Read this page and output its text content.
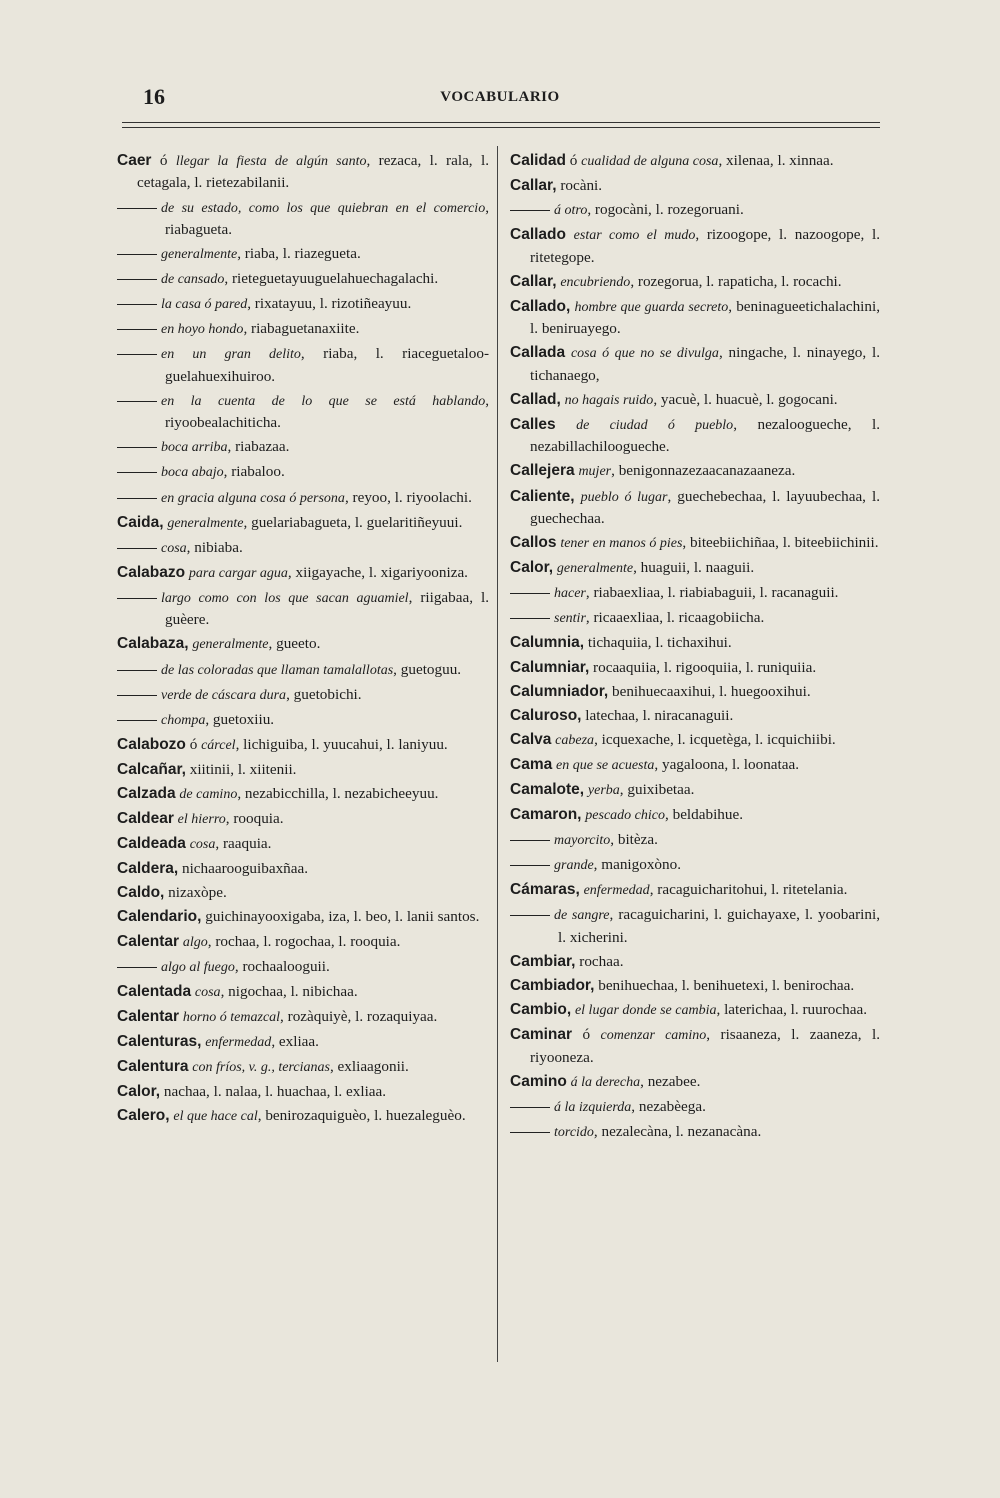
16	VOCABULARIO

Caer ó llegar la fiesta de algún santo, rezaca, l. rala, l. cetagala, l. rietezabilanii.

de su estado, como los que quiebran en el comercio, riabagueta.

generalmente, riaba, l. riazegueta.

de cansado, rieteguetayuuguelahuechagalachi.

la casa ó pared, rixatayuu, l. rizotiñeayuu.

en hoyo hondo, riabaguetanaxiite.

en un gran delito, riaba, l. riaceguetaloo-guelahuexihuiroo.

en la cuenta de lo que se está hablando, riyoobealachiticha.

boca arriba, riabazaa.

boca abajo, riabaloo.

en gracia alguna cosa ó persona, reyoo, l. riyoolachi.

Caida, generalmente, guelariabagueta, l. guelaritiñeyuui.

cosa, nibiaba.

Calabazo para cargar agua, xiigayache, l. xigariyooniza.

largo como con los que sacan aguamiel, riigabaa, l. guèere.

Calabaza, generalmente, gueeto.

de las coloradas que llaman tamalallotas, guetoguu.

verde de cáscara dura, guetobichi.

chompa, guetoxiiu.

Calabozo ó cárcel, lichiguiba, l. yuucahui, l. laniyuu.

Calcañar, xiitinii, l. xiitenii.

Calzada de camino, nezabicchilla, l. nezabicheeyuu.

Caldear el hierro, rooquia.

Caldeada cosa, raaquia.

Caldera, nichaarooguibaxñaa.

Caldo, nizaxòpe.

Calendario, guichinayooxigaba, iza, l. beo, l. lanii santos.

Calentar algo, rochaa, l. rogochaa, l. rooquia.

algo al fuego, rochaalooguii.

Calentada cosa, nigochaa, l. nibichaa.

Calentar horno ó temazcal, rozàquiyè, l. rozaquiyaa.

Calenturas, enfermedad, exliaa.

Calentura con fríos, v. g., tercianas, exliaagonii.

Calor, nachaa, l. nalaa, l. huachaa, l. exliaa.

Calero, el que hace cal, benirozaquiguèo, l. huezaleguèo.

Calidad ó cualidad de alguna cosa, xilenaa, l. xinnaa.

Callar, rocàni.

á otro, rogocàni, l. rozegoruani.

Callado estar como el mudo, rizoogope, l. nazoogope, l. ritetegope.

Callar, encubriendo, rozegorua, l. rapaticha, l. rocachi.

Callado, hombre que guarda secreto, beninagueetichalachini, l. beniruayego.

Callada cosa ó que no se divulga, ningache, l. ninayego, l. tichanaego,

Callad, no hagais ruido, yacuè, l. huacuè, l. gogocani.

Calles de ciudad ó pueblo, nezaloogueche, l. nezabillachiloogueche.

Callejera mujer, benigonnazezaacanazaaneza.

Caliente, pueblo ó lugar, guechebechaa, l. layuubechaa, l. guechechaa.

Callos tener en manos ó pies, biteebiichiñaa, l. biteebiichinii.

Calor, generalmente, huaguii, l. naaguii.

hacer, riabaexliaa, l. riabiabaguii, l. racanaguii.

sentir, ricaaexliaa, l. ricaagobiicha.

Calumnia, tichaquiia, l. tichaxihui.

Calumniar, rocaaquiia, l. rigooquiia, l. runiquiia.

Calumniador, benihuecaaxihui, l. huegooxihui.

Caluroso, latechaa, l. niracanaguii.

Calva cabeza, icquexache, l. icquetèga, l. icquichiibi.

Cama en que se acuesta, yagaloona, l. loonataa.

Camalote, yerba, guixibetaa.

Camaron, pescado chico, beldabihue.

mayorcito, bitèza.

grande, manigoxòno.

Cámaras, enfermedad, racaguicharitohui, l. ritetelania.

de sangre, racaguicharini, l. guichayaxe, l. yoobarini, l. xicherini.

Cambiar, rochaa.

Cambiador, benihuechaa, l. benihuetexi, l. benirochaa.

Cambio, el lugar donde se cambia, laterichaa, l. ruurochaa.

Caminar ó comenzar camino, risaaneza, l. zaaneza, l. riyooneza.

Camino á la derecha, nezabee.

á la izquierda, nezabèega.

torcido, nezalecàna, l. nezanacàna.
